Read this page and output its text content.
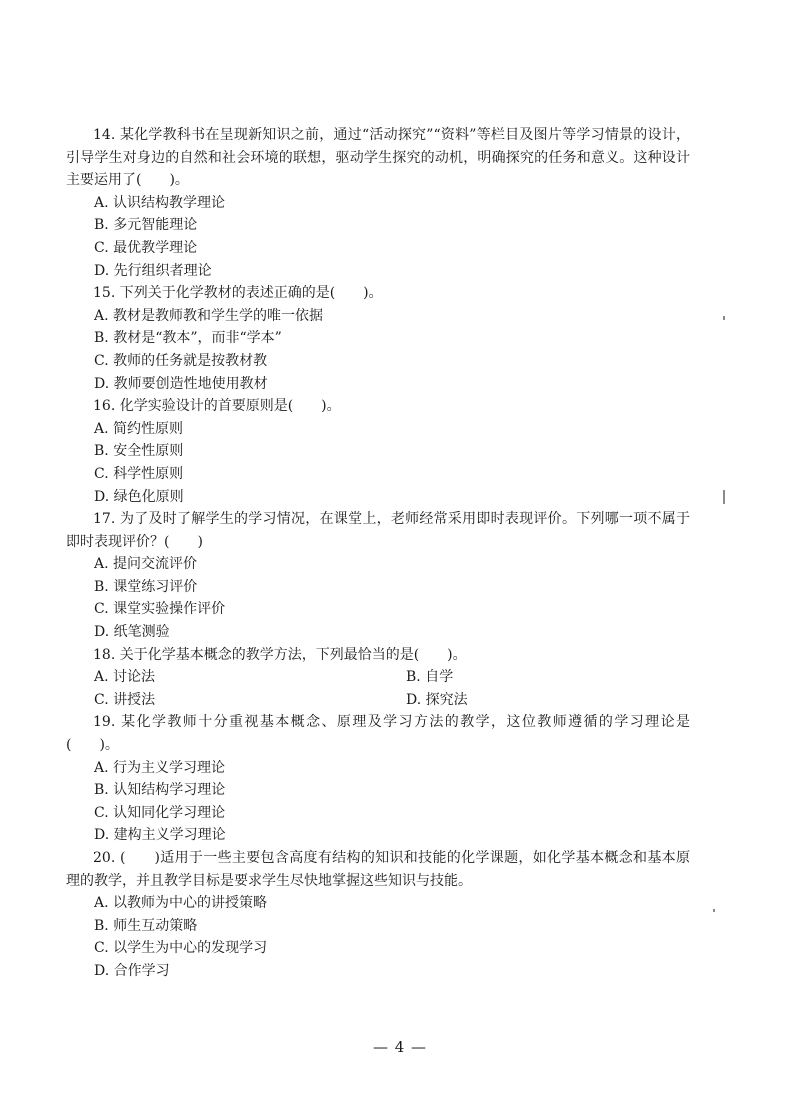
14. 某化学教科书在呈现新知识之前，通过“活动探究”“资料”等栏目及图片等学习情景的设计，引导学生对身边的自然和社会环境的联想，驱动学生探究的动机，明确探究的任务和意义。这种设计主要运用了(　　)。

A. 认识结构教学理论

B. 多元智能理论

C. 最优教学理论

D. 先行组织者理论

15. 下列关于化学教材的表述正确的是(　　)。

A. 教材是教师教和学生学的唯一依据

B. 教材是“教本”，而非“学本”

C. 教师的任务就是按教材教

D. 教师要创造性地使用教材

16. 化学实验设计的首要原则是(　　)。

A. 简约性原则

B. 安全性原则

C. 科学性原则

D. 绿色化原则

17. 为了及时了解学生的学习情况，在课堂上，老师经常采用即时表现评价。下列哪一项不属于即时表现评价？(　　)

A. 提问交流评价

B. 课堂练习评价

C. 课堂实验操作评价

D. 纸笔测验

18. 关于化学基本概念的教学方法，下列最恰当的是(　　)。

A. 讨论法	B. 自学

C. 讲授法	D. 探究法

19. 某化学教师十分重视基本概念、原理及学习方法的教学，这位教师遵循的学习理论是(　　)。

A. 行为主义学习理论

B. 认知结构学习理论

C. 认知同化学习理论

D. 建构主义学习理论

20. (　　)适用于一些主要包含高度有结构的知识和技能的化学课题，如化学基本概念和基本原理的教学，并且教学目标是要求学生尽快地掌握这些知识与技能。

A. 以教师为中心的讲授策略

B. 师生互动策略

C. 以学生为中心的发现学习

D. 合作学习

— 4 —
